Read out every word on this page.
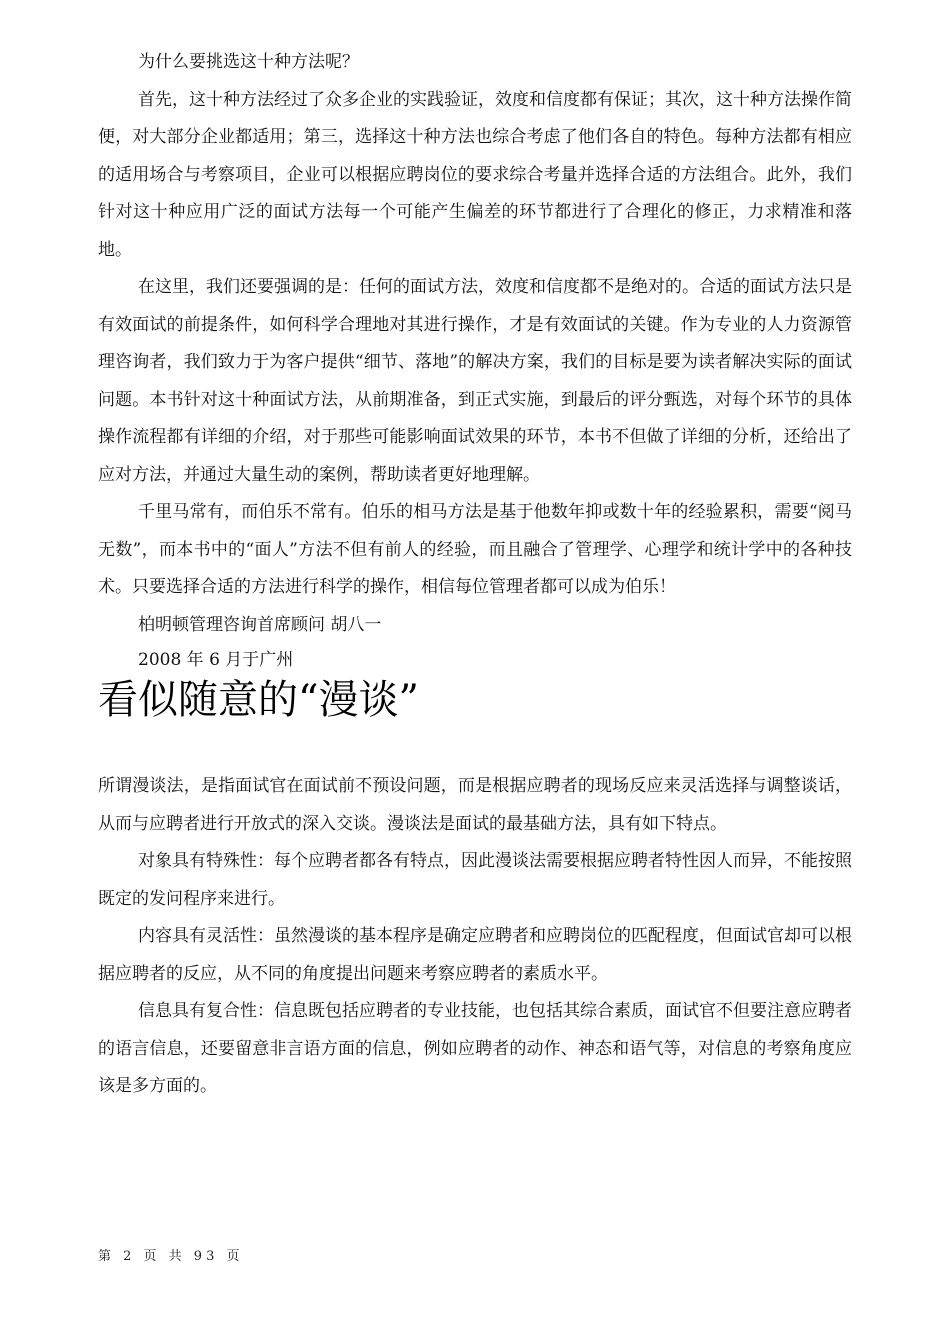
为什么要挑选这十种方法呢？

首先，这十种方法经过了众多企业的实践验证，效度和信度都有保证；其次，这十种方法操作简便，对大部分企业都适用；第三，选择这十种方法也综合考虑了他们各自的特色。每种方法都有相应的适用场合与考察项目，企业可以根据应聘岗位的要求综合考量并选择合适的方法组合。此外，我们针对这十种应用广泛的面试方法每一个可能产生偏差的环节都进行了合理化的修正，力求精准和落地。

在这里，我们还要强调的是：任何的面试方法，效度和信度都不是绝对的。合适的面试方法只是有效面试的前提条件，如何科学合理地对其进行操作，才是有效面试的关键。作为专业的人力资源管理咨询者，我们致力于为客户提供“细节、落地”的解决方案，我们的目标是要为读者解决实际的面试问题。本书针对这十种面试方法，从前期准备，到正式实施，到最后的评分甄选，对每个环节的具体操作流程都有详细的介绍，对于那些可能影响面试效果的环节，本书不但做了详细的分析，还给出了应对方法，并通过大量生动的案例，帮助读者更好地理解。

千里马常有，而伯乐不常有。伯乐的相马方法是基于他数年抑或数十年的经验累积，需要“阅马无数”，而本书中的“面人”方法不但有前人的经验，而且融合了管理学、心理学和统计学中的各种技术。只要选择合适的方法进行科学的操作，相信每位管理者都可以成为伯乐！

柏明顿管理咨询首席顾问 胡八一

2008 年 6 月于广州

看似随意的“漫谈”

所谓漫谈法，是指面试官在面试前不预设问题，而是根据应聘者的现场反应来灵活选择与调整谈话，从而与应聘者进行开放式的深入交谈。漫谈法是面试的最基础方法，具有如下特点。

对象具有特殊性：每个应聘者都各有特点，因此漫谈法需要根据应聘者特性因人而异，不能按照既定的发问程序来进行。

内容具有灵活性：虽然漫谈的基本程序是确定应聘者和应聘岗位的匹配程度，但面试官却可以根据应聘者的反应，从不同的角度提出问题来考察应聘者的素质水平。

信息具有复合性：信息既包括应聘者的专业技能，也包括其综合素质，面试官不但要注意应聘者的语言信息，还要留意非言语方面的信息，例如应聘者的动作、神态和语气等，对信息的考察角度应该是多方面的。

第 2 页 共 93 页
